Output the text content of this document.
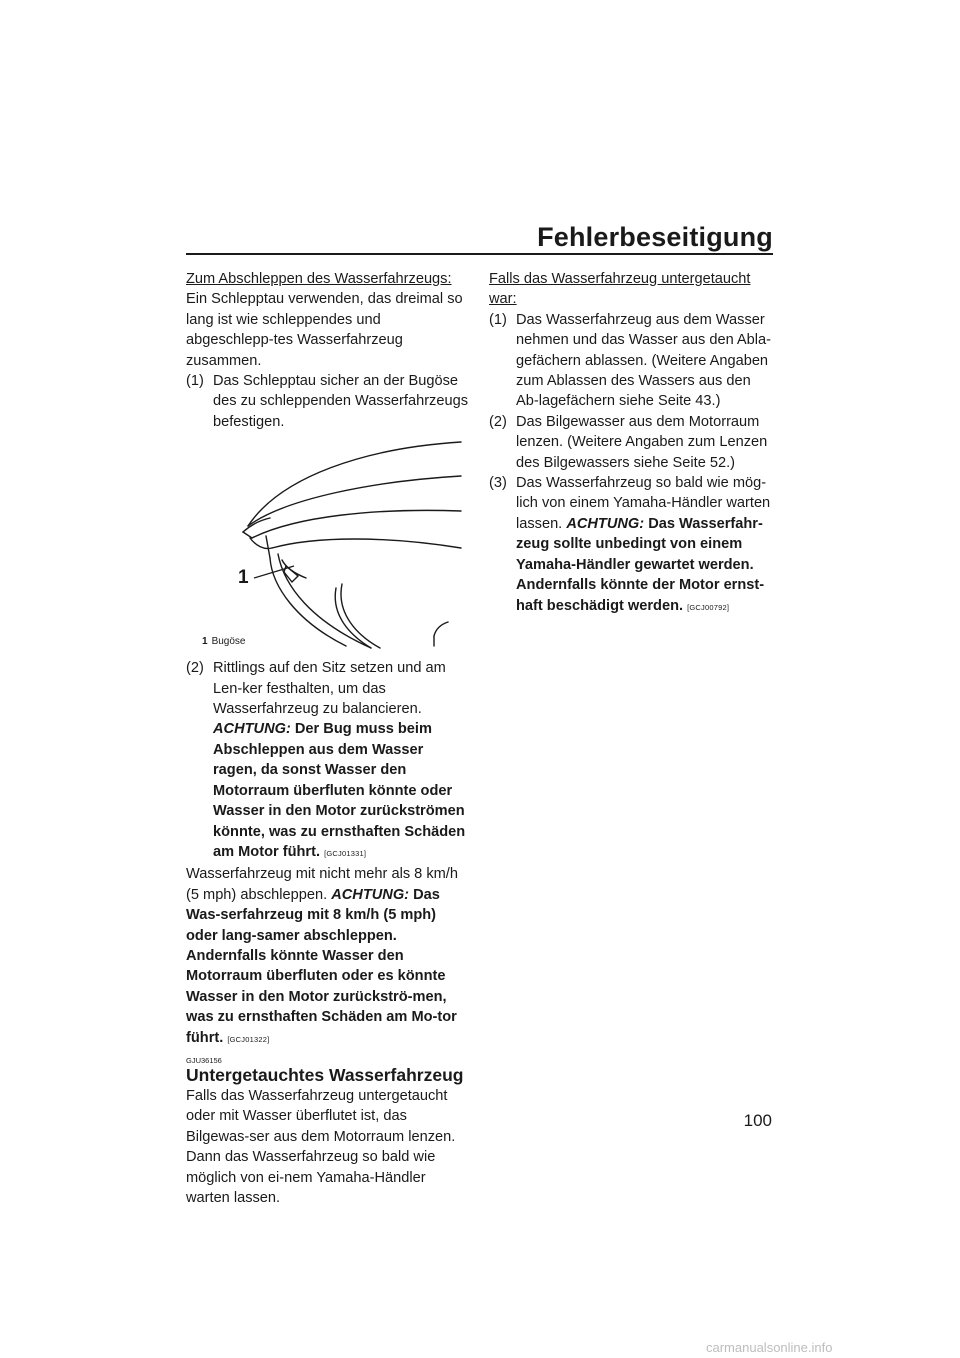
Fehlerbeseitigung
Zum Abschleppen des Wasserfahrzeugs:

Ein Schlepptau verwenden, das dreimal so lang ist wie schleppendes und abgeschlepp-tes Wasserfahrzeug zusammen.

(1) Das Schlepptau sicher an der Bugöse des zu schleppenden Wasserfahrzeugs befestigen.
1
1 Bugöse
(2) Rittlings auf den Sitz setzen und am Len-ker festhalten, um das Wasserfahrzeug zu balancieren. ACHTUNG: Der Bug muss beim Abschleppen aus dem Wasser ragen, da sonst Wasser den Motorraum überfluten könnte oder Wasser in den Motor zurückströmen könnte, was zu ernsthaften Schäden am Motor führt. [GCJ01331]

Wasserfahrzeug mit nicht mehr als 8 km/h (5 mph) abschleppen. ACHTUNG: Das Was-serfahrzeug mit 8 km/h (5 mph) oder lang-samer abschleppen. Andernfalls könnte Wasser den Motorraum überfluten oder es könnte Wasser in den Motor zurückströ-men, was zu ernsthaften Schäden am Mo-tor führt. [GCJ01322]

GJU36156
Untergetauchtes Wasserfahrzeug

Falls das Wasserfahrzeug untergetaucht oder mit Wasser überflutet ist, das Bilgewas-ser aus dem Motorraum lenzen. Dann das Wasserfahrzeug so bald wie möglich von ei-nem Yamaha-Händler warten lassen.

Falls das Wasserfahrzeug untergetaucht war:
(1) Das Wasserfahrzeug aus dem Wasser nehmen und das Wasser aus den Abla-gefächern ablassen. (Weitere Angaben zum Ablassen des Wassers aus den Ab-lagefächern siehe Seite 43.)
(2) Das Bilgewasser aus dem Motorraum lenzen. (Weitere Angaben zum Lenzen des Bilgewassers siehe Seite 52.)
(3) Das Wasserfahrzeug so bald wie mög-lich von einem Yamaha-Händler warten lassen. ACHTUNG: Das Wasserfahr-zeug sollte unbedingt von einem Yamaha-Händler gewartet werden. Andernfalls könnte der Motor ernst-haft beschädigt werden. [GCJ00792]

100

carmanualsonline.info
